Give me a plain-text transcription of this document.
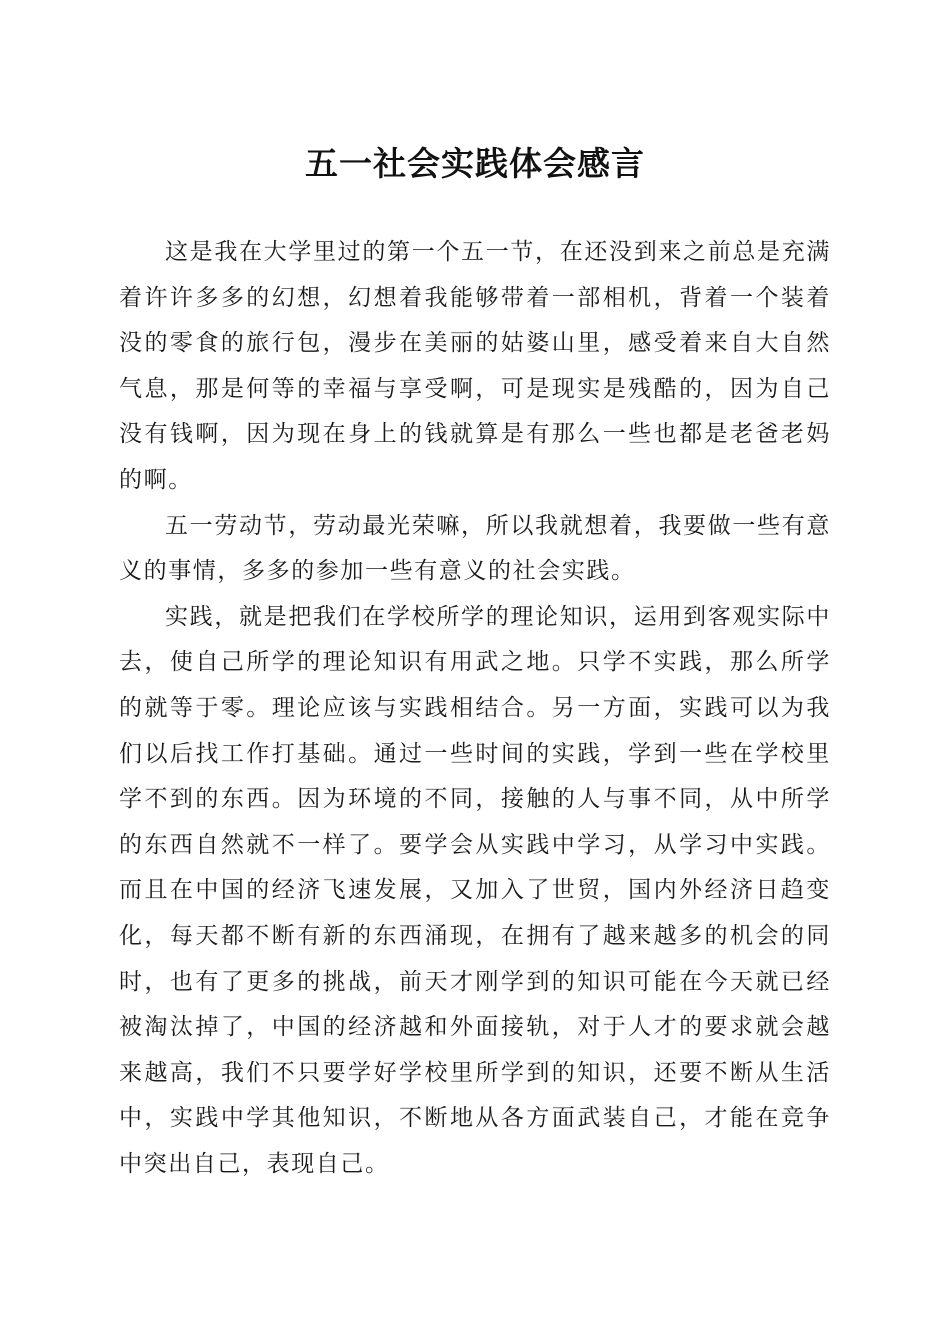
五一社会实践体会感言

这是我在大学里过的第一个五一节，在还没到来之前总是充满着许许多多的幻想，幻想着我能够带着一部相机，背着一个装着没的零食的旅行包，漫步在美丽的姑婆山里，感受着来自大自然气息，那是何等的幸福与享受啊，可是现实是残酷的，因为自己没有钱啊，因为现在身上的钱就算是有那么一些也都是老爸老妈的啊。

五一劳动节，劳动最光荣嘛，所以我就想着，我要做一些有意义的事情，多多的参加一些有意义的社会实践。

实践，就是把我们在学校所学的理论知识，运用到客观实际中去，使自己所学的理论知识有用武之地。只学不实践，那么所学的就等于零。理论应该与实践相结合。另一方面，实践可以为我们以后找工作打基础。通过一些时间的实践，学到一些在学校里学不到的东西。因为环境的不同，接触的人与事不同，从中所学的东西自然就不一样了。要学会从实践中学习，从学习中实践。而且在中国的经济飞速发展，又加入了世贸，国内外经济日趋变化，每天都不断有新的东西涌现，在拥有了越来越多的机会的同时，也有了更多的挑战，前天才刚学到的知识可能在今天就已经被淘汰掉了，中国的经济越和外面接轨，对于人才的要求就会越来越高，我们不只要学好学校里所学到的知识，还要不断从生活中，实践中学其他知识，不断地从各方面武装自己，才能在竞争中突出自己，表现自己。
